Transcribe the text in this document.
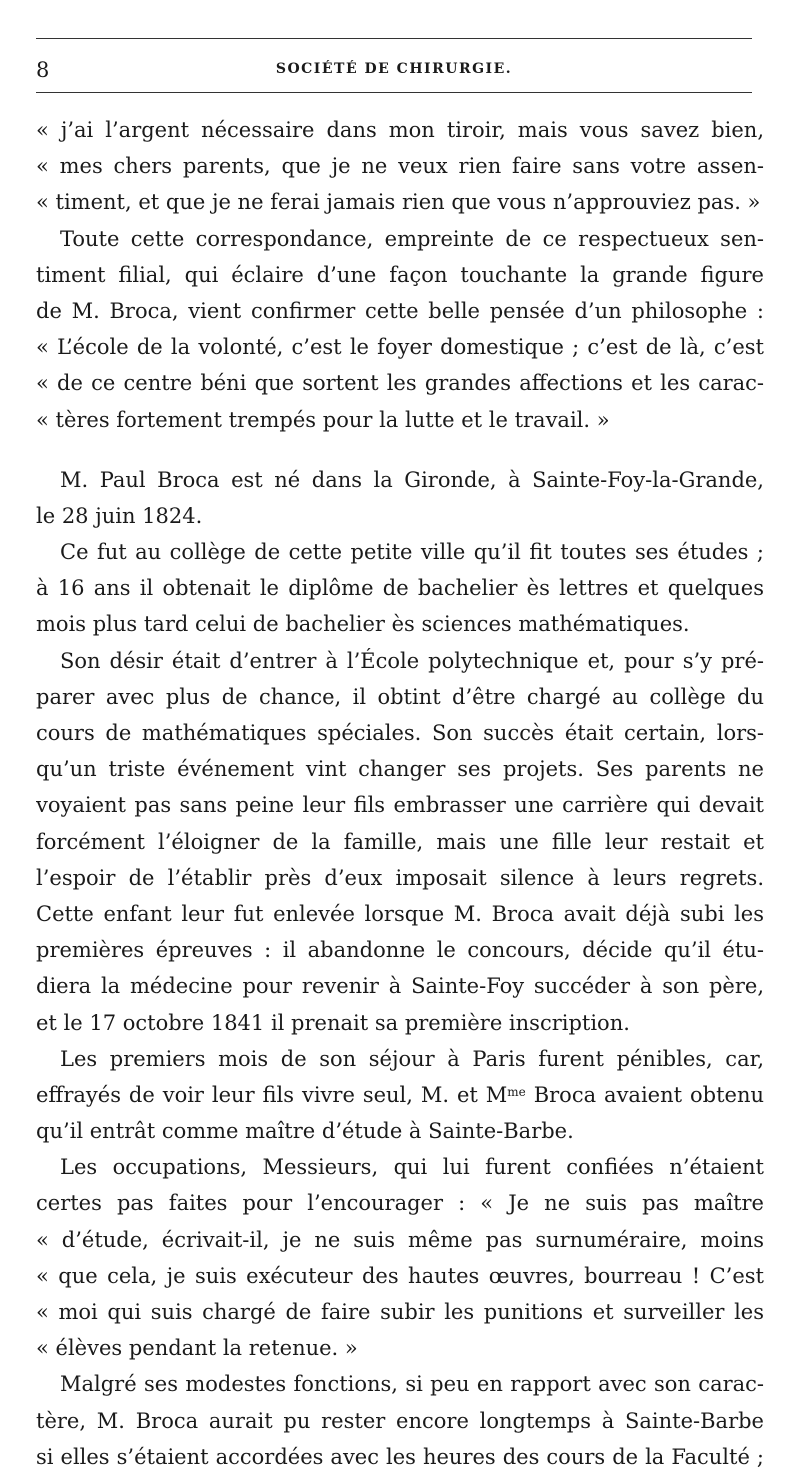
8	SOCIÉTÉ DE CHIRURGIE.
« j’ai l’argent nécessaire dans mon tiroir, mais vous savez bien,
« mes chers parents, que je ne veux rien faire sans votre assen-
« timent, et que je ne ferai jamais rien que vous n’approuviez pas. »
Toute cette correspondance, empreinte de ce respectueux sen-
timent filial, qui éclaire d’une façon touchante la grande figure
de M. Broca, vient confirmer cette belle pensée d’un philosophe :
« L’école de la volonté, c’est le foyer domestique ; c’est de là, c’est
« de ce centre béni que sortent les grandes affections et les carac-
« tères fortement trempés pour la lutte et le travail. »
M. Paul Broca est né dans la Gironde, à Sainte-Foy-la-Grande,
le 28 juin 1824.
Ce fut au collège de cette petite ville qu’il fit toutes ses études ;
à 16 ans il obtenait le diplôme de bachelier ès lettres et quelques
mois plus tard celui de bachelier ès sciences mathématiques.
Son désir était d’entrer à l’École polytechnique et, pour s’y pré-
parer avec plus de chance, il obtint d’être chargé au collège du
cours de mathématiques spéciales. Son succès était certain, lors-
qu’un triste événement vint changer ses projets. Ses parents ne
voyaient pas sans peine leur fils embrasser une carrière qui devait
forcément l’éloigner de la famille, mais une fille leur restait et
l’espoir de l’établir près d’eux imposait silence à leurs regrets.
Cette enfant leur fut enlevée lorsque M. Broca avait déjà subi les
premières épreuves : il abandonne le concours, décide qu’il étu-
diera la médecine pour revenir à Sainte-Foy succéder à son père,
et le 17 octobre 1841 il prenait sa première inscription.
Les premiers mois de son séjour à Paris furent pénibles, car,
effrayés de voir leur fils vivre seul, M. et $M^{me}$ Broca avaient obtenu
qu’il entrât comme maître d’étude à Sainte-Barbe.
Les occupations, Messieurs, qui lui furent confiées n’étaient
certes pas faites pour l’encourager : « Je ne suis pas maître
« d’étude, écrivait-il, je ne suis même pas surnuméraire, moins
« que cela, je suis exécuteur des hautes œuvres, bourreau ! C’est
« moi qui suis chargé de faire subir les punitions et surveiller les
« élèves pendant la retenue. »
Malgré ses modestes fonctions, si peu en rapport avec son carac-
tère, M. Broca aurait pu rester encore longtemps à Sainte-Barbe
si elles s’étaient accordées avec les heures des cours de la Faculté ;
